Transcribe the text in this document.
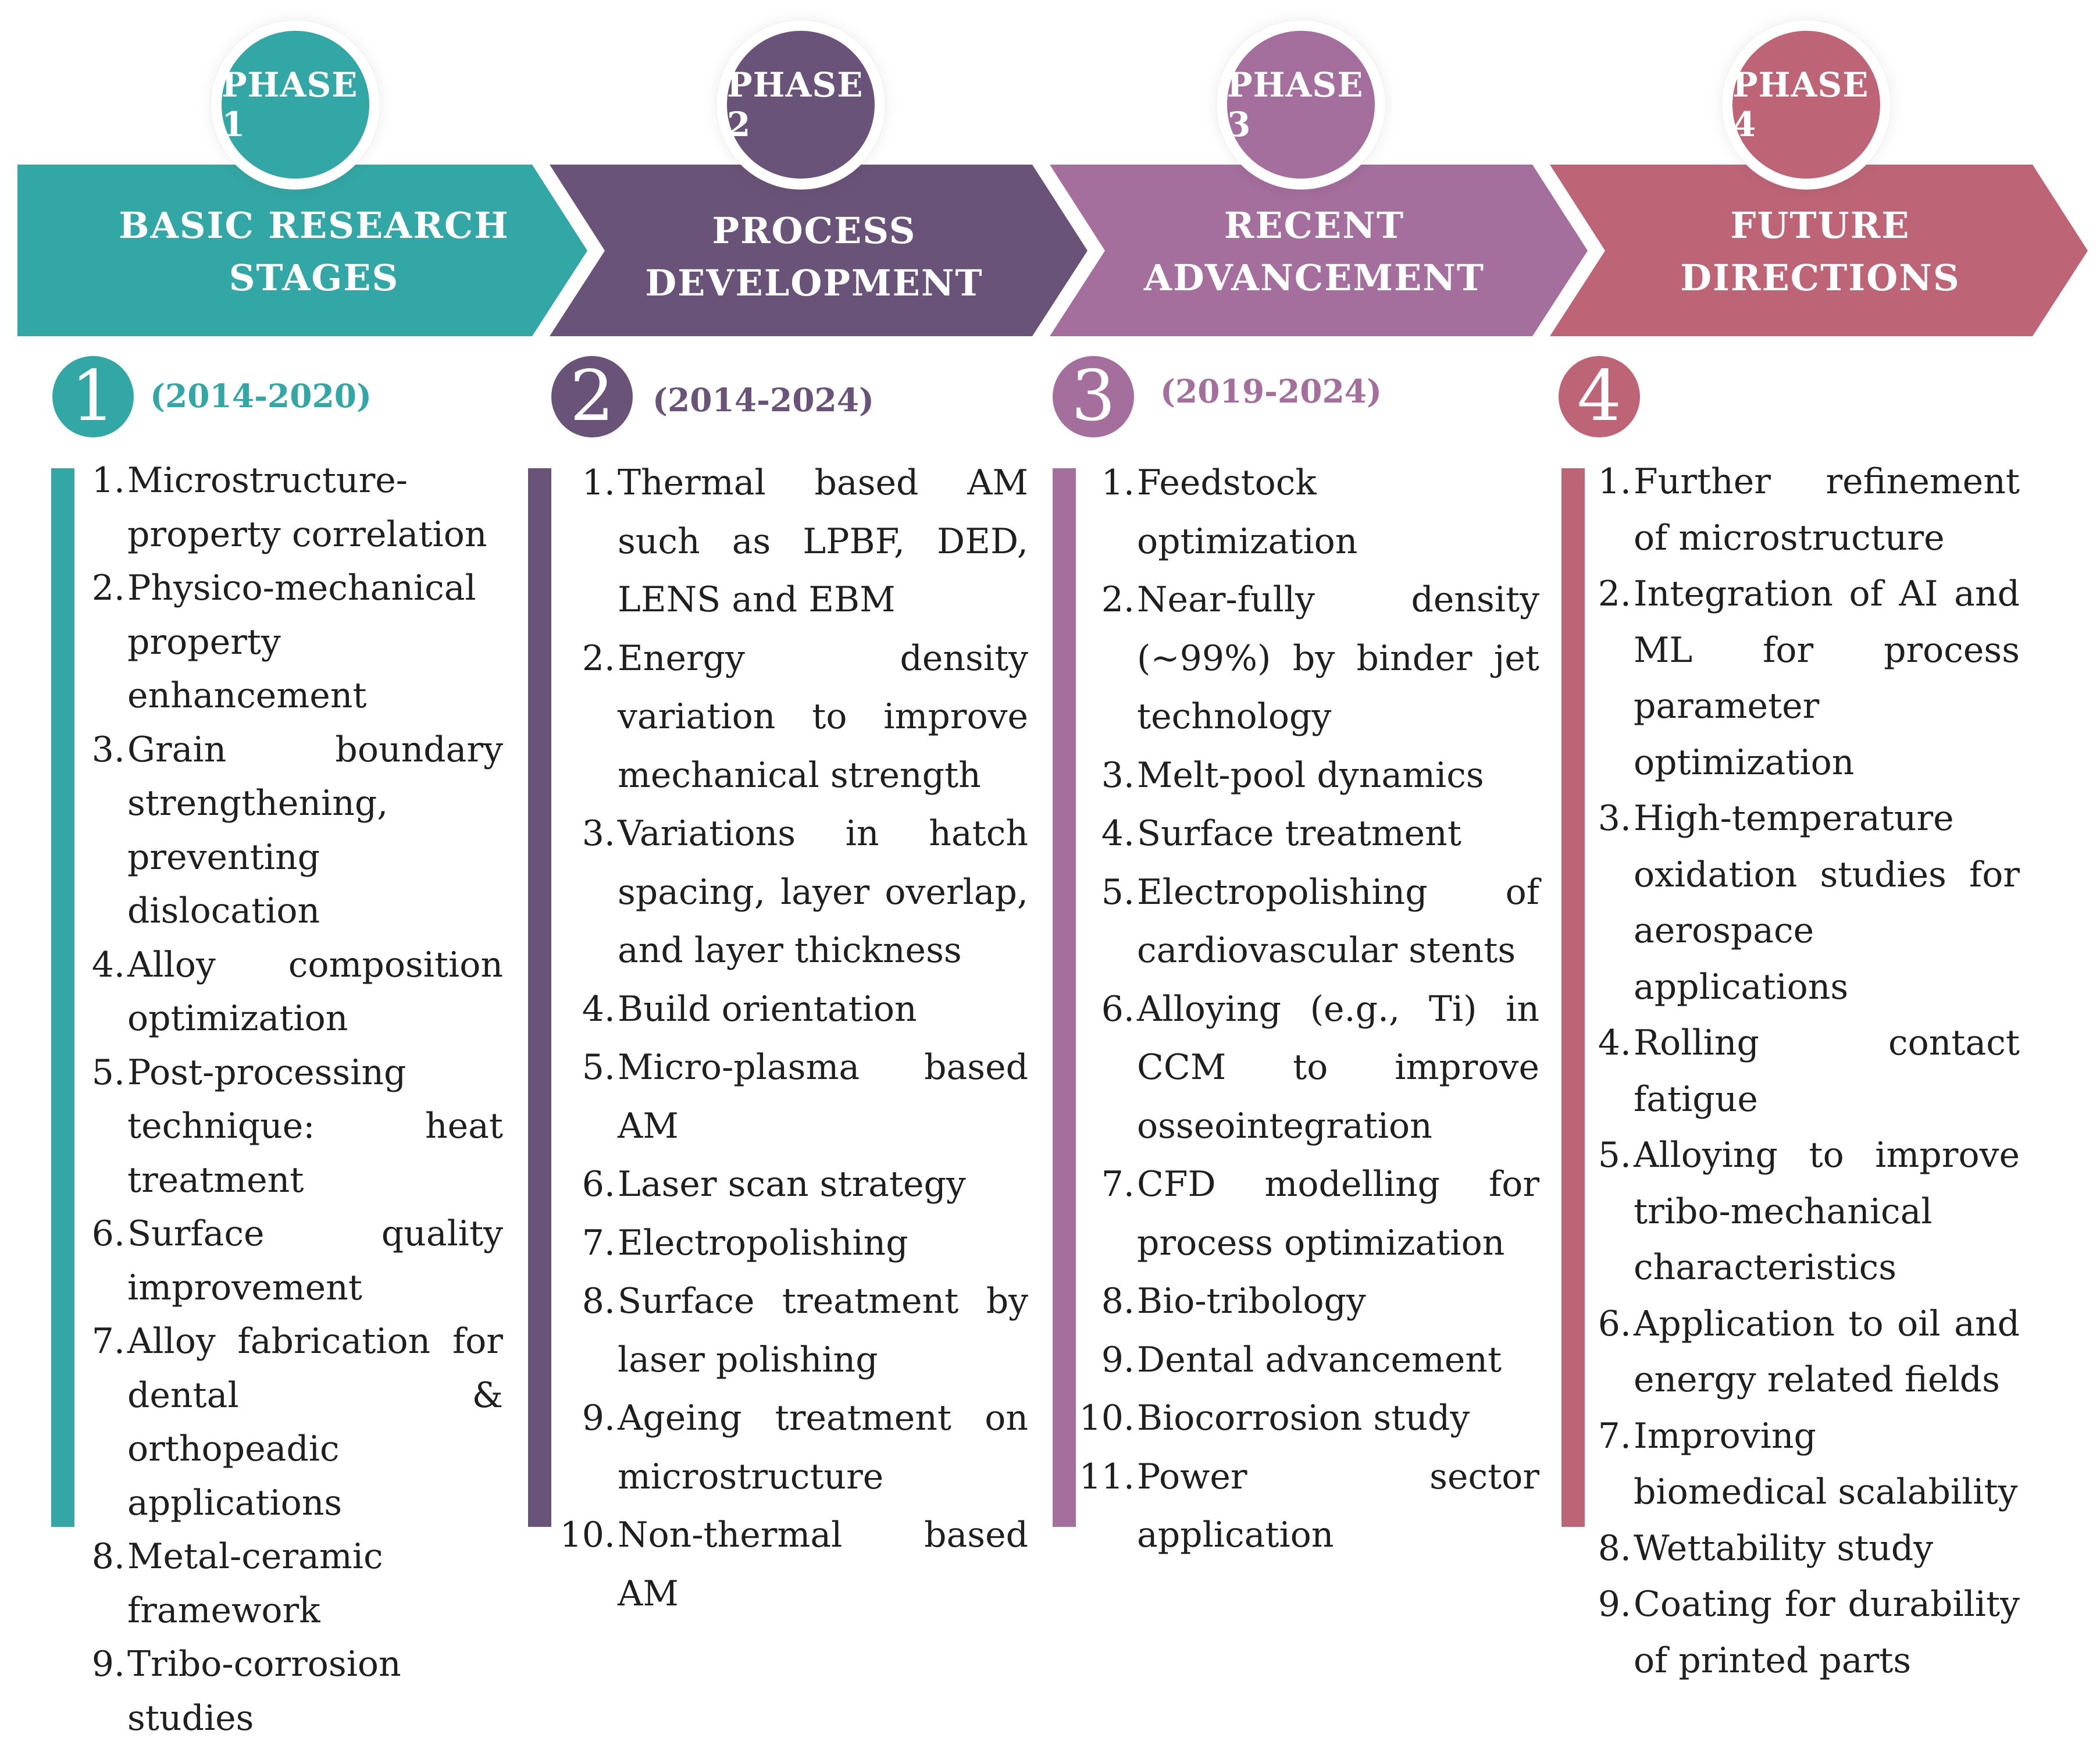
PHASE 1
PHASE 2
PHASE 3
PHASE 4
BASIC RESEARCH
STAGES
PROCESS
DEVELOPMENT
RECENT
ADVANCEMENT
FUTURE
DIRECTIONS
1	2	3	4
(2014-2020)	(2014-2024)	(2019-2024)
1. Microstructure-property correlation
2. Physico-mechanical property enhancement
3. Grain boundary strengthening, preventing dislocation
4. Alloy composition optimization
5. Post-processing technique: heat treatment
6. Surface quality improvement
7. Alloy fabrication for dental & orthopeadic applications
8. Metal-ceramic framework
9. Tribo-corrosion studies
1. Thermal based AM such as LPBF, DED, LENS and EBM
2. Energy density variation to improve mechanical strength
3. Variations in hatch spacing, layer overlap, and layer thickness
4. Build orientation
5. Micro-plasma based AM
6. Laser scan strategy
7. Electropolishing
8. Surface treatment by laser polishing
9. Ageing treatment on microstructure
10. Non-thermal based AM
1. Feedstock optimization
2. Near-fully density (~99%) by binder jet technology
3. Melt-pool dynamics
4. Surface treatment
5. Electropolishing of cardiovascular stents
6. Alloying (e.g., Ti) in CCM to improve osseointegration
7. CFD modelling for process optimization
8. Bio-tribology
9. Dental advancement
10. Biocorrosion study
11. Power sector application
1. Further refinement of microstructure
2. Integration of AI and ML for process parameter optimization
3. High-temperature oxidation studies for aerospace applications
4. Rolling contact fatigue
5. Alloying to improve tribo-mechanical characteristics
6. Application to oil and energy related fields
7. Improving biomedical scalability
8. Wettability study
9. Coating for durability of printed parts
